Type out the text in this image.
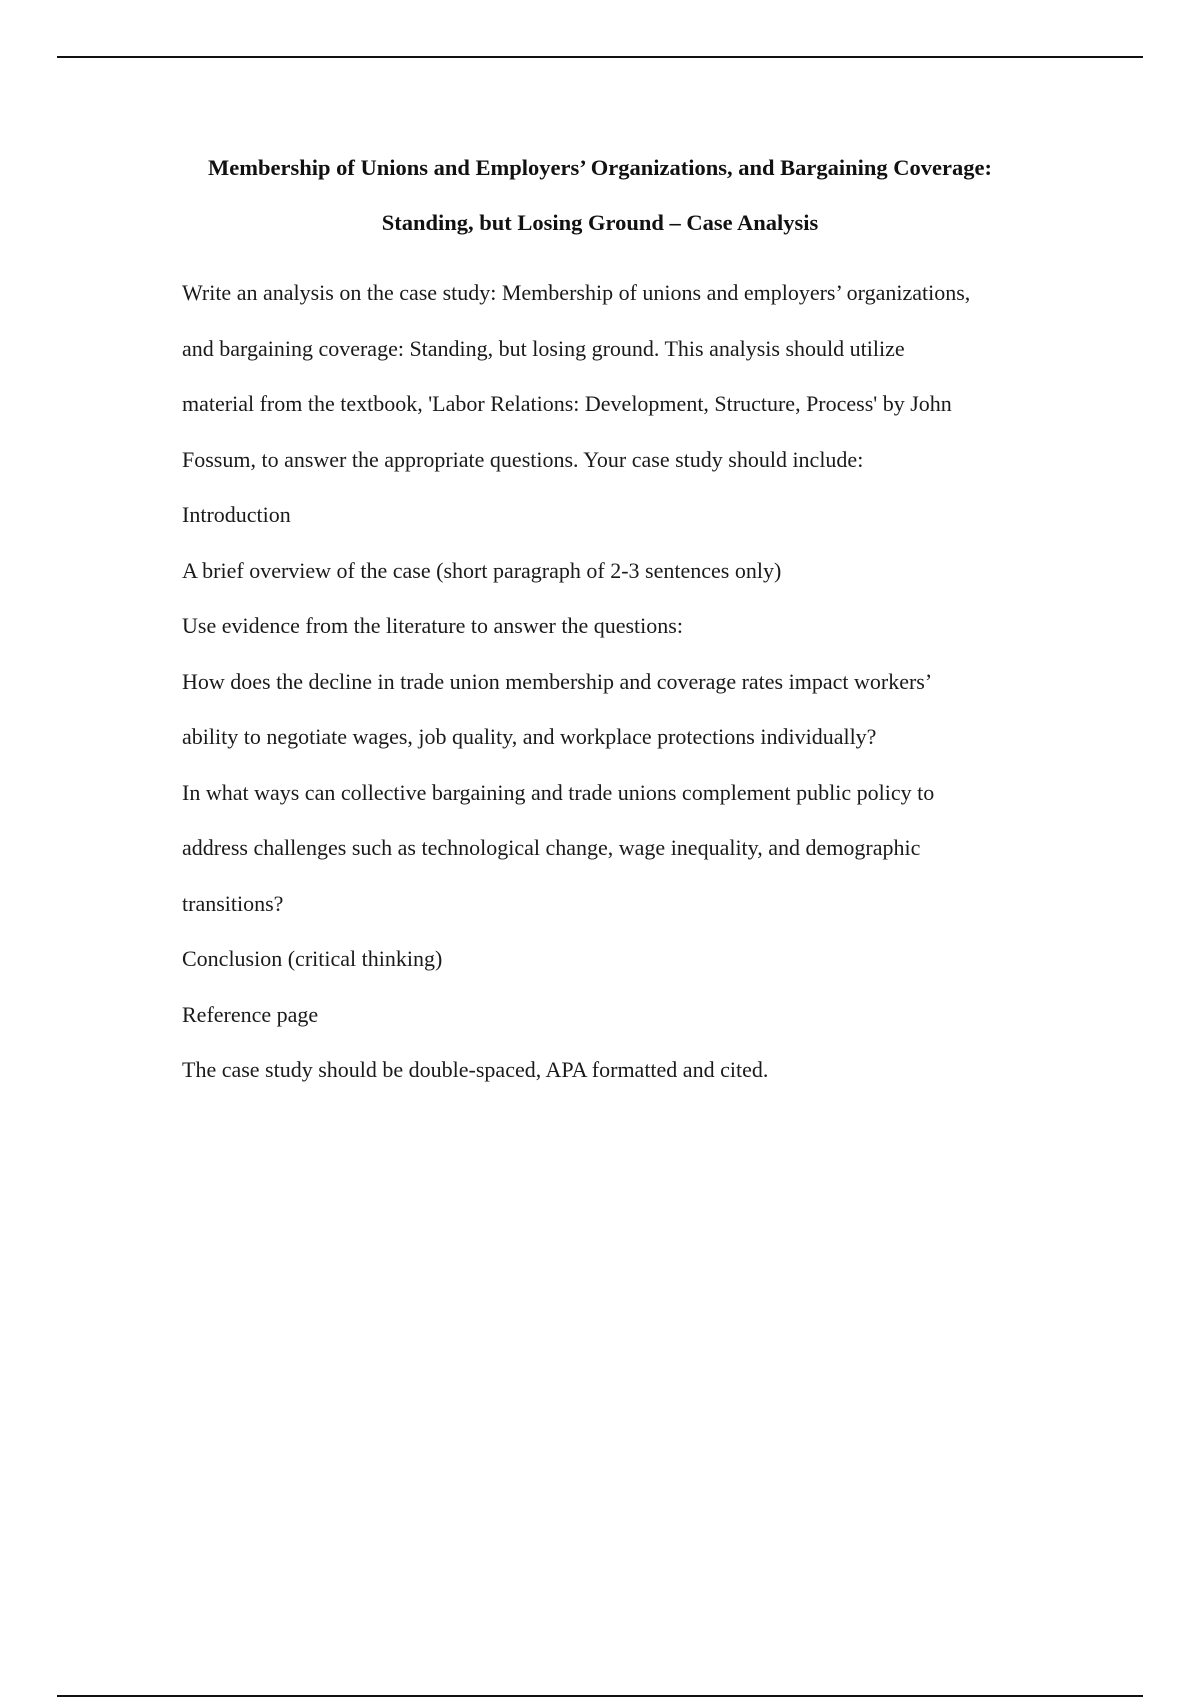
Membership of Unions and Employers’ Organizations, and Bargaining Coverage:
Standing, but Losing Ground – Case Analysis
Write an analysis on the case study: Membership of unions and employers’ organizations,
and bargaining coverage: Standing, but losing ground. This analysis should utilize
material from the textbook, 'Labor Relations: Development, Structure, Process' by John
Fossum, to answer the appropriate questions. Your case study should include:
Introduction
A brief overview of the case (short paragraph of 2-3 sentences only)
Use evidence from the literature to answer the questions:
How does the decline in trade union membership and coverage rates impact workers’
ability to negotiate wages, job quality, and workplace protections individually?
In what ways can collective bargaining and trade unions complement public policy to
address challenges such as technological change, wage inequality, and demographic
transitions?
Conclusion (critical thinking)
Reference page
The case study should be double-spaced, APA formatted and cited.
